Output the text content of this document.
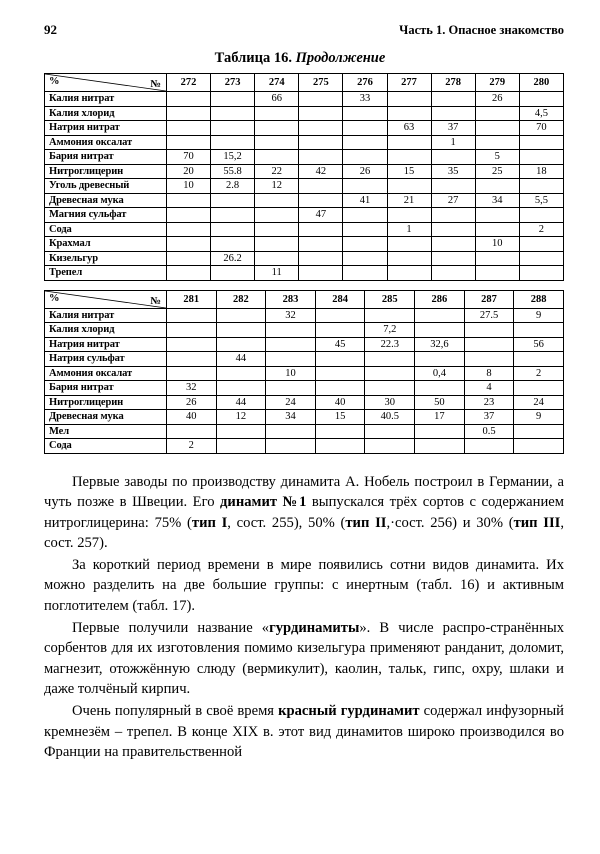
92	Часть 1. Опасное знакомство
Таблица 16. Продолжение
% №	272	273	274	275	276	277	278	279	280
Калия нитрат			66		33			26	
Калия хлорид									4,5
Натрия нитрат						63	37		70
Аммония оксалат							1		
Бария нитрат	70	15,2						5	
Нитроглицерин	20	55.8	22	42	26	15	35	25	18
Уголь древесный	10	2.8	12						
Древесная мука					41	21	27	34	5,5
Магния сульфат				47					
Сода						1			2
Крахмал								10	
Кизельгур		26.2							
Трепел			11						
% №	281	282	283	284	285	286	287	288
Калия нитрат			32				27.5	9
Калия хлорид					7,2			
Натрия нитрат				45	22.3	32,6		56
Натрия сульфат		44						
Аммония оксалат			10			0,4	8	2
Бария нитрат	32						4	
Нитроглицерин	26	44	24	40	30	50	23	24
Древесная мука	40	12	34	15	40.5	17	37	9
Мел							0.5	
Сода	2							

Первые заводы по производству динамита А. Нобель построил в Германии, а чуть позже в Швеции. Его динамит №1 выпускался трёх сортов с содержанием нитроглицерина: 75% (тип I, сост. 255), 50% (тип II,·сост. 256) и 30% (тип III, сост. 257).

За короткий период времени в мире появились сотни видов динамита. Их можно разделить на две большие группы: с инертным (табл. 16) и активным поглотителем (табл. 17).

Первые получили название «гурдинамиты». В числе распро-странённых сорбентов для их изготовления помимо кизельгура применяют ранданит, доломит, магнезит, отожжённую слюду (вермикулит), каолин, тальк, гипс, охру, шлаки и даже толчёный кирпич.

Очень популярный в своё время красный гурдинамит содержал инфузорный кремнезём – трепел. В конце XIX в. этот вид динамитов широко производился во Франции на правительственной
